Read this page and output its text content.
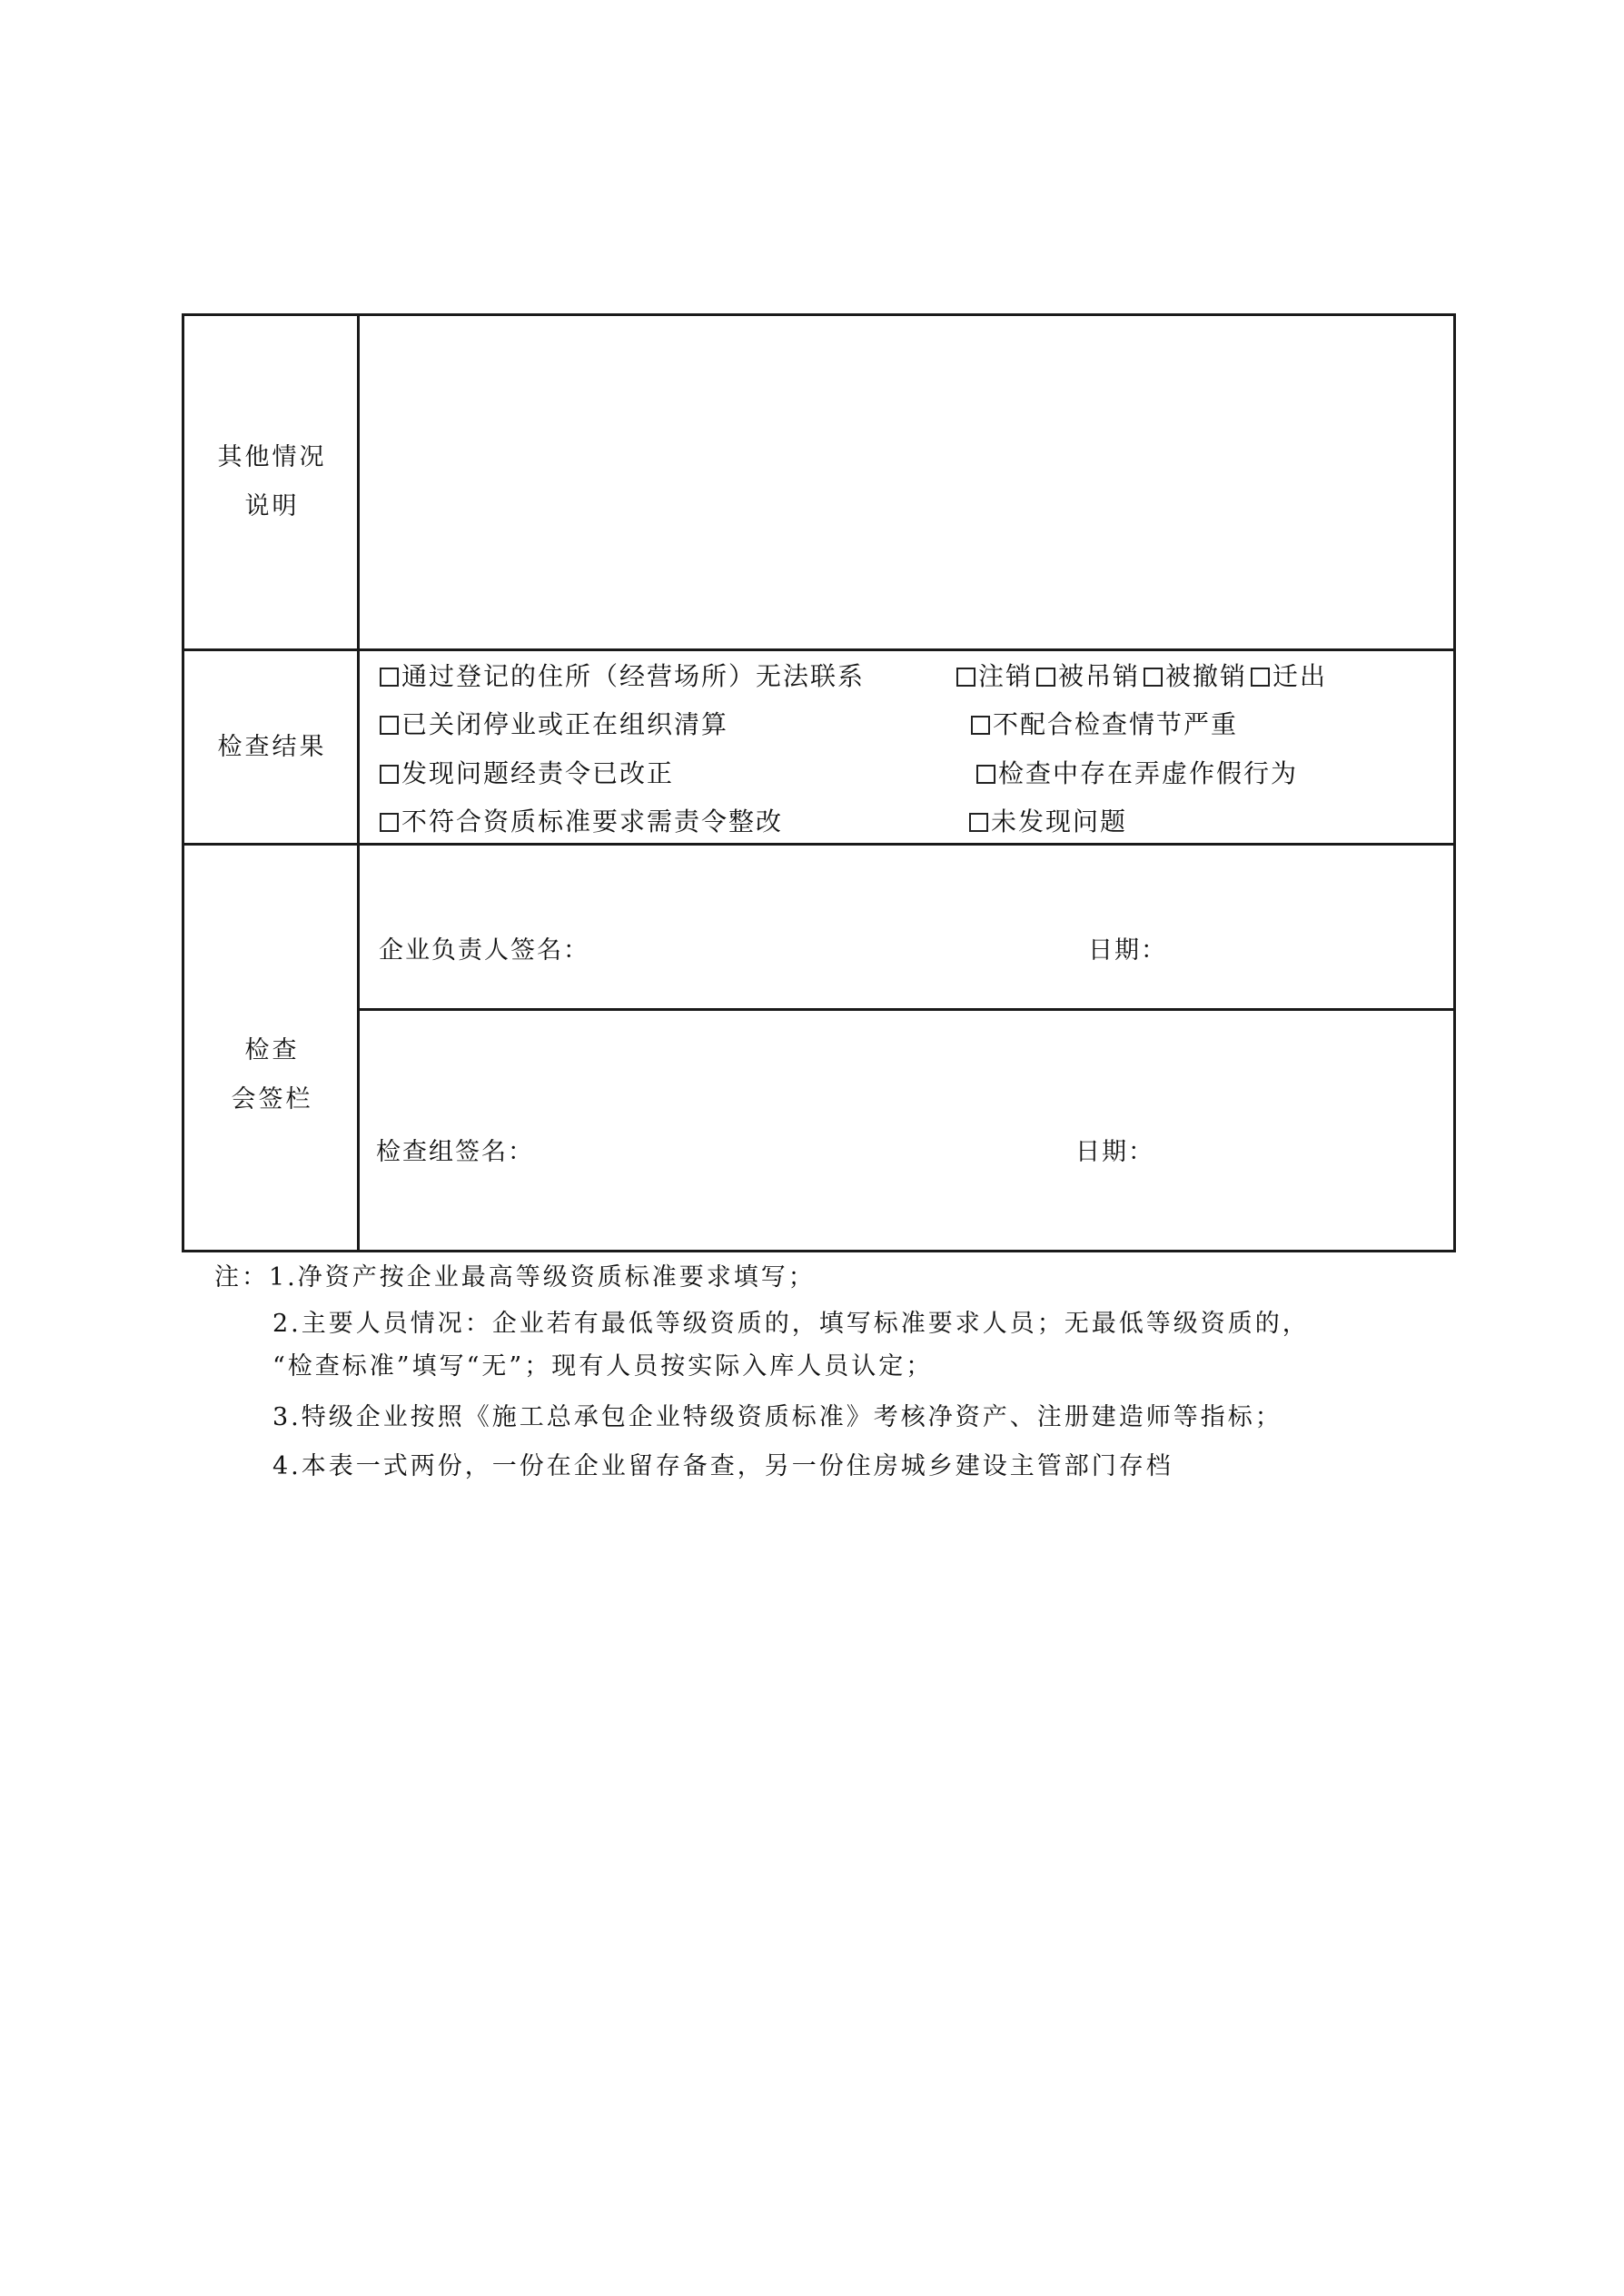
其他情况
说明
检查结果
通过登记的住所（经营场所）无法联系	注销 被吊销 被撤销 迁出
已关闭停业或正在组织清算	不配合检查情节严重
发现问题经责令已改正	检查中存在弄虚作假行为
不符合资质标准要求需责令整改	未发现问题
检查
会签栏
企业负责人签名：	日期：
检查组签名：	日期：
注：1.净资产按企业最高等级资质标准要求填写；
2.主要人员情况：企业若有最低等级资质的，填写标准要求人员；无最低等级资质的，
“检查标准”填写“无”；现有人员按实际入库人员认定；
3.特级企业按照《施工总承包企业特级资质标准》考核净资产、注册建造师等指标；
4.本表一式两份，一份在企业留存备查，另一份住房城乡建设主管部门存档
